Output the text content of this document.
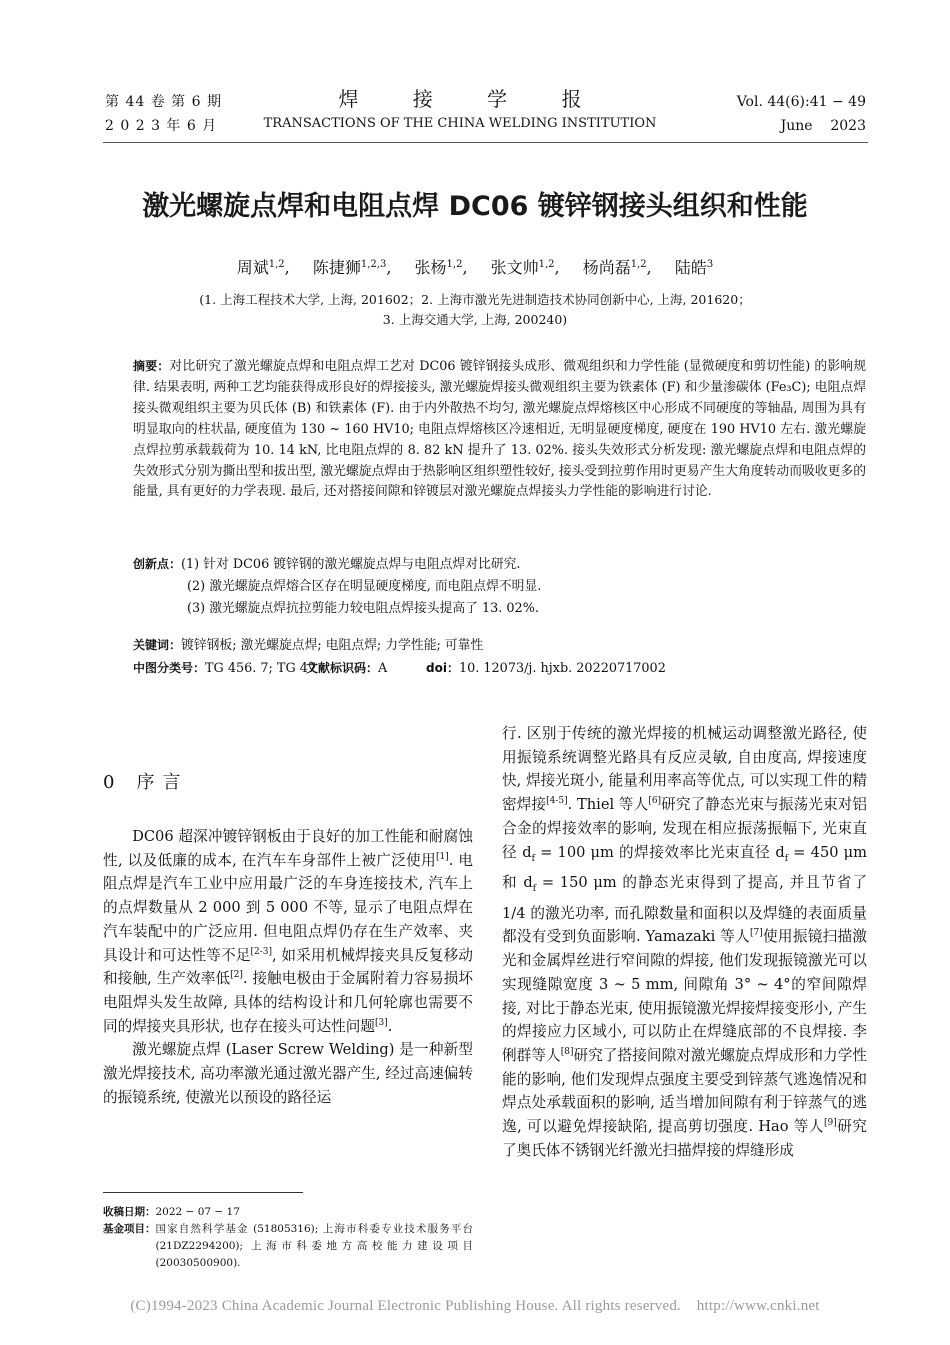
第 44 卷 第 6 期
2 0 2 3 年 6 月
焊 接 学 报
TRANSACTIONS OF THE CHINA WELDING INSTITUTION
Vol. 44(6):41 − 49
June    2023
激光螺旋点焊和电阻点焊 DC06 镀锌钢接头组织和性能
周斌$^{1,2}$, 陈捷狮$^{1,2,3}$, 张杨$^{1,2}$, 张文帅$^{1,2}$, 杨尚磊$^{1,2}$, 陆皓$^3$
(1. 上海工程技术大学, 上海, 201602；2. 上海市激光先进制造技术协同创新中心, 上海, 201620；
3. 上海交通大学, 上海, 200240)
摘要：对比研究了激光螺旋点焊和电阻点焊工艺对 DC06 镀锌钢接头成形、微观组织和力学性能 (显微硬度和剪切性能) 的影响规律. 结果表明, 两种工艺均能获得成形良好的焊接接头, 激光螺旋焊接头微观组织主要为铁素体 (F) 和少量渗碳体 (Fe₃C); 电阻点焊接头微观组织主要为贝氏体 (B) 和铁素体 (F). 由于内外散热不均匀, 激光螺旋点焊熔核区中心形成不同硬度的等轴晶, 周围为具有明显取向的柱状晶, 硬度值为 130 ~ 160 HV10; 电阻点焊熔核区冷速相近, 无明显硬度梯度, 硬度在 190 HV10 左右. 激光螺旋点焊拉剪承载载荷为 10. 14 kN, 比电阻点焊的 8. 82 kN 提升了 13. 02%. 接头失效形式分析发现: 激光螺旋点焊和电阻点焊的失效形式分别为撕出型和拔出型, 激光螺旋点焊由于热影响区组织塑性较好, 接头受到拉剪作用时更易产生大角度转动而吸收更多的能量, 具有更好的力学表现. 最后, 还对搭接间隙和锌镀层对激光螺旋点焊接头力学性能的影响进行讨论.
创新点：(1) 针对 DC06 镀锌钢的激光螺旋点焊与电阻点焊对比研究.
(2) 激光螺旋点焊熔合区存在明显硬度梯度, 而电阻点焊不明显.
(3) 激光螺旋点焊抗拉剪能力较电阻点焊接头提高了 13. 02%.
关键词：镀锌钢板; 激光螺旋点焊; 电阻点焊; 力学性能; 可靠性
中图分类号：TG 456. 7; TG 47文献标识码：A	doi：10. 12073/j. hjxb. 20220717002
0 序言

DC06 超深冲镀锌钢板由于良好的加工性能和耐腐蚀性, 以及低廉的成本, 在汽车车身部件上被广泛使用[1]. 电阻点焊是汽车工业中应用最广泛的车身连接技术, 汽车上的点焊数量从 2 000 到 5 000 不等, 显示了电阻点焊在汽车装配中的广泛应用. 但电阻点焊仍存在生产效率、夹具设计和可达性等不足[2-3], 如采用机械焊接夹具反复移动和接触, 生产效率低[2]. 接触电极由于金属附着力容易损坏电阻焊头发生故障, 具体的结构设计和几何轮廓也需要不同的焊接夹具形状, 也存在接头可达性问题[3].

激光螺旋点焊 (Laser Screw Welding) 是一种新型激光焊接技术, 高功率激光通过激光器产生, 经过高速偏转的振镜系统, 使激光以预设的路径运

收稿日期：2022 − 07 − 17
基金项目： 国家自然科学基金 (51805316); 上海市科委专业技术服务平台 (21DZ2294200); 上海市科委地方高校能力建设项目 (20030500900).

行. 区别于传统的激光焊接的机械运动调整激光路径, 使用振镜系统调整光路具有反应灵敏, 自由度高, 焊接速度快, 焊接光斑小, 能量利用率高等优点, 可以实现工件的精密焊接[4-5]. Thiel 等人[6]研究了静态光束与振荡光束对铝合金的焊接效率的影响, 发现在相应振荡振幅下, 光束直径 $d_f = 100$ μm 的焊接效率比光束直径 $d_f = 450$ μm 和 $d_f = 150$ μm 的静态光束得到了提高, 并且节省了 1/4 的激光功率, 而孔隙数量和面积以及焊缝的表面质量都没有受到负面影响. Yamazaki 等人[7]使用振镜扫描激光和金属焊丝进行窄间隙的焊接, 他们发现振镜激光可以实现缝隙宽度 3 ~ 5 mm, 间隙角 3° ~ 4°的窄间隙焊接, 对比于静态光束, 使用振镜激光焊接焊接变形小, 产生的焊接应力区域小, 可以防止在焊缝底部的不良焊接. 李俐群等人[8]研究了搭接间隙对激光螺旋点焊成形和力学性能的影响, 他们发现焊点强度主要受到锌蒸气逃逸情况和焊点处承载面积的影响, 适当增加间隙有利于锌蒸气的逃逸, 可以避免焊接缺陷, 提高剪切强度. Hao 等人[9]研究了奥氏体不锈钢光纤激光扫描焊接的焊缝形成

(C)1994-2023 China Academic Journal Electronic Publishing House. All rights reserved.    http://www.cnki.net
